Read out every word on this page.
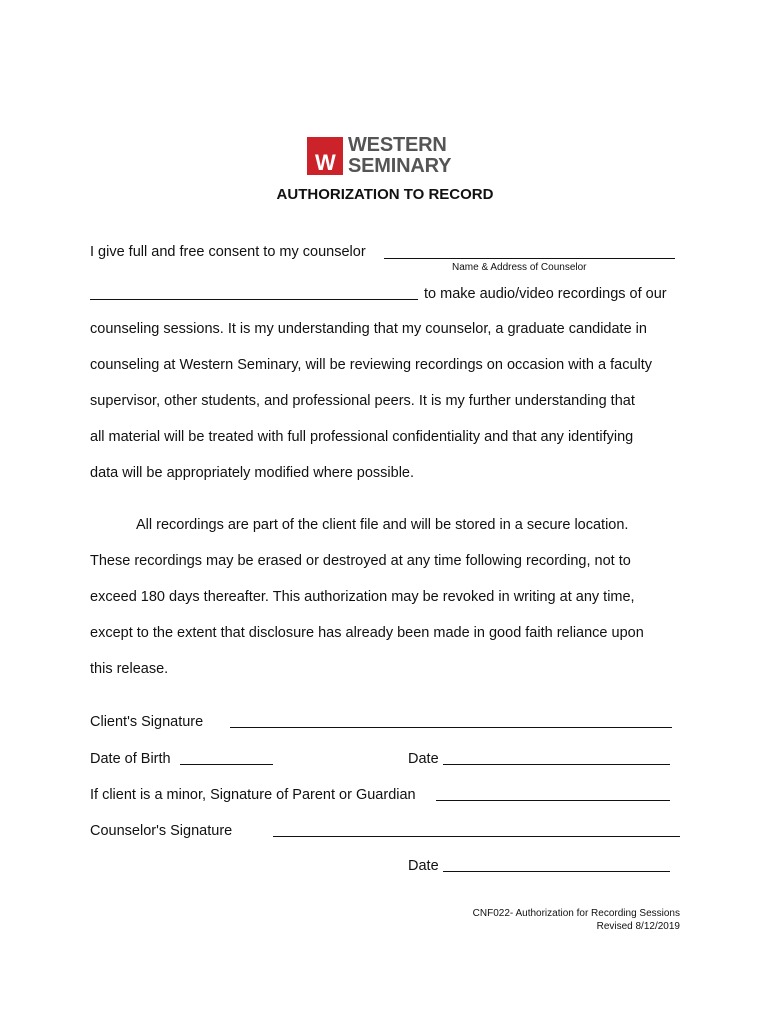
W
WESTERN
SEMINARY
AUTHORIZATION TO RECORD
I give full and free consent to my counselor
Name & Address of Counselor
to make audio/video recordings of our
counseling sessions. It is my understanding that my counselor, a graduate candidate in
counseling at Western Seminary, will be reviewing recordings on occasion with a faculty
supervisor, other students, and professional peers. It is my further understanding that
all material will be treated with full professional confidentiality and that any identifying
data will be appropriately modified where possible.
All recordings are part of the client file and will be stored in a secure location.
These recordings may be erased or destroyed at any time following recording, not to
exceed 180 days thereafter. This authorization may be revoked in writing at any time,
except to the extent that disclosure has already been made in good faith reliance upon
this release.
Client's Signature
Date of Birth	Date
If client is a minor, Signature of Parent or Guardian
Counselor's Signature
Date
CNF022- Authorization for Recording Sessions
Revised 8/12/2019
